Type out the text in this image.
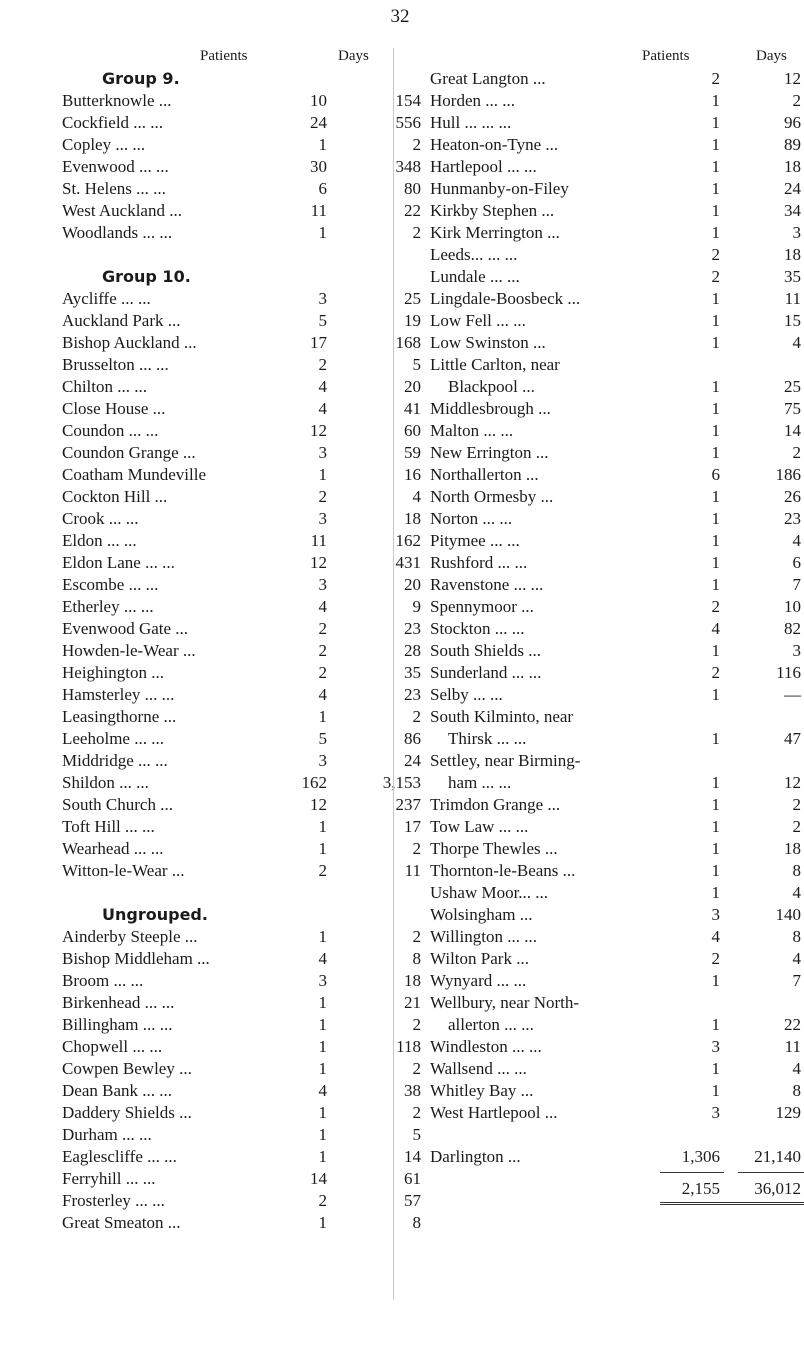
32
Patients	Days
Group 9.
Butterknowle ...	10	154
Cockfield ... ...	24	556
Copley ... ...	1	2
Evenwood ... ...	30	348
St. Helens ... ...	6	80
West Auckland ...	11	22
Woodlands ... ...	1	2
Group 10.
Aycliffe ... ...	3	25
Auckland Park ...	5	19
Bishop Auckland ...	17	168
Brusselton ... ...	2	5
Chilton ... ...	4	20
Close House ...	4	41
Coundon ... ...	12	60
Coundon Grange ...	3	59
Coatham Mundeville	1	16
Cockton Hill ...	2	4
Crook ... ...	3	18
Eldon ... ...	11	162
Eldon Lane ... ...	12	431
Escombe ... ...	3	20
Etherley ... ...	4	9
Evenwood Gate ...	2	23
Howden-le-Wear ...	2	28
Heighington ...	2	35
Hamsterley ... ...	4	23
Leasingthorne ...	1	2
Leeholme ... ...	5	86
Middridge ... ...	3	24
Shildon ... ...	162	3,153
South Church ...	12	237
Toft Hill ... ...	1	17
Wearhead ... ...	1	2
Witton-le-Wear ...	2	11
Ungrouped.
Ainderby Steeple ...	1	2
Bishop Middleham ...	4	8
Broom ... ...	3	18
Birkenhead ... ...	1	21
Billingham ... ...	1	2
Chopwell ... ...	1	118
Cowpen Bewley ...	1	2
Dean Bank ... ...	4	38
Daddery Shields ...	1	2
Durham ... ...	1	5
Eaglescliffe ... ...	1	14
Ferryhill ... ...	14	61
Frosterley ... ...	2	57
Great Smeaton ...	1	8
Patients	Days
Great Langton ...	2	12
Horden ... ...	1	2
Hull ... ... ...	1	96
Heaton-on-Tyne ...	1	89
Hartlepool ... ...	1	18
Hunmanby-on-Filey	1	24
Kirkby Stephen ...	1	34
Kirk Merrington ...	1	3
Leeds... ... ...	2	18
Lundale ... ...	2	35
Lingdale-Boosbeck ...	1	11
Low Fell ... ...	1	15
Low Swinston ...	1	4
Little Carlton, near
Blackpool ...	1	25
Middlesbrough ...	1	75
Malton ... ...	1	14
New Errington ...	1	2
Northallerton ...	6	186
North Ormesby ...	1	26
Norton ... ...	1	23
Pitymee ... ...	1	4
Rushford ... ...	1	6
Ravenstone ... ...	1	7
Spennymoor ...	2	10
Stockton ... ...	4	82
South Shields ...	1	3
Sunderland ... ...	2	116
Selby ... ...	1	—
South Kilminto, near
Thirsk ... ...	1	47
Settley, near Birming-
ham ... ...	1	12
Trimdon Grange ...	1	2
Tow Law ... ...	1	2
Thorpe Thewles ...	1	18
Thornton-le-Beans ...	1	8
Ushaw Moor... ...	1	4
Wolsingham ...	3	140
Willington ... ...	4	8
Wilton Park ...	2	4
Wynyard ... ...	1	7
Wellbury, near North-
allerton ... ...	1	22
Windleston ... ...	3	11
Wallsend ... ...	1	4
Whitley Bay ...	1	8
West Hartlepool ...	3	129
Darlington ...	1,306 21,140
2,155 36,012
